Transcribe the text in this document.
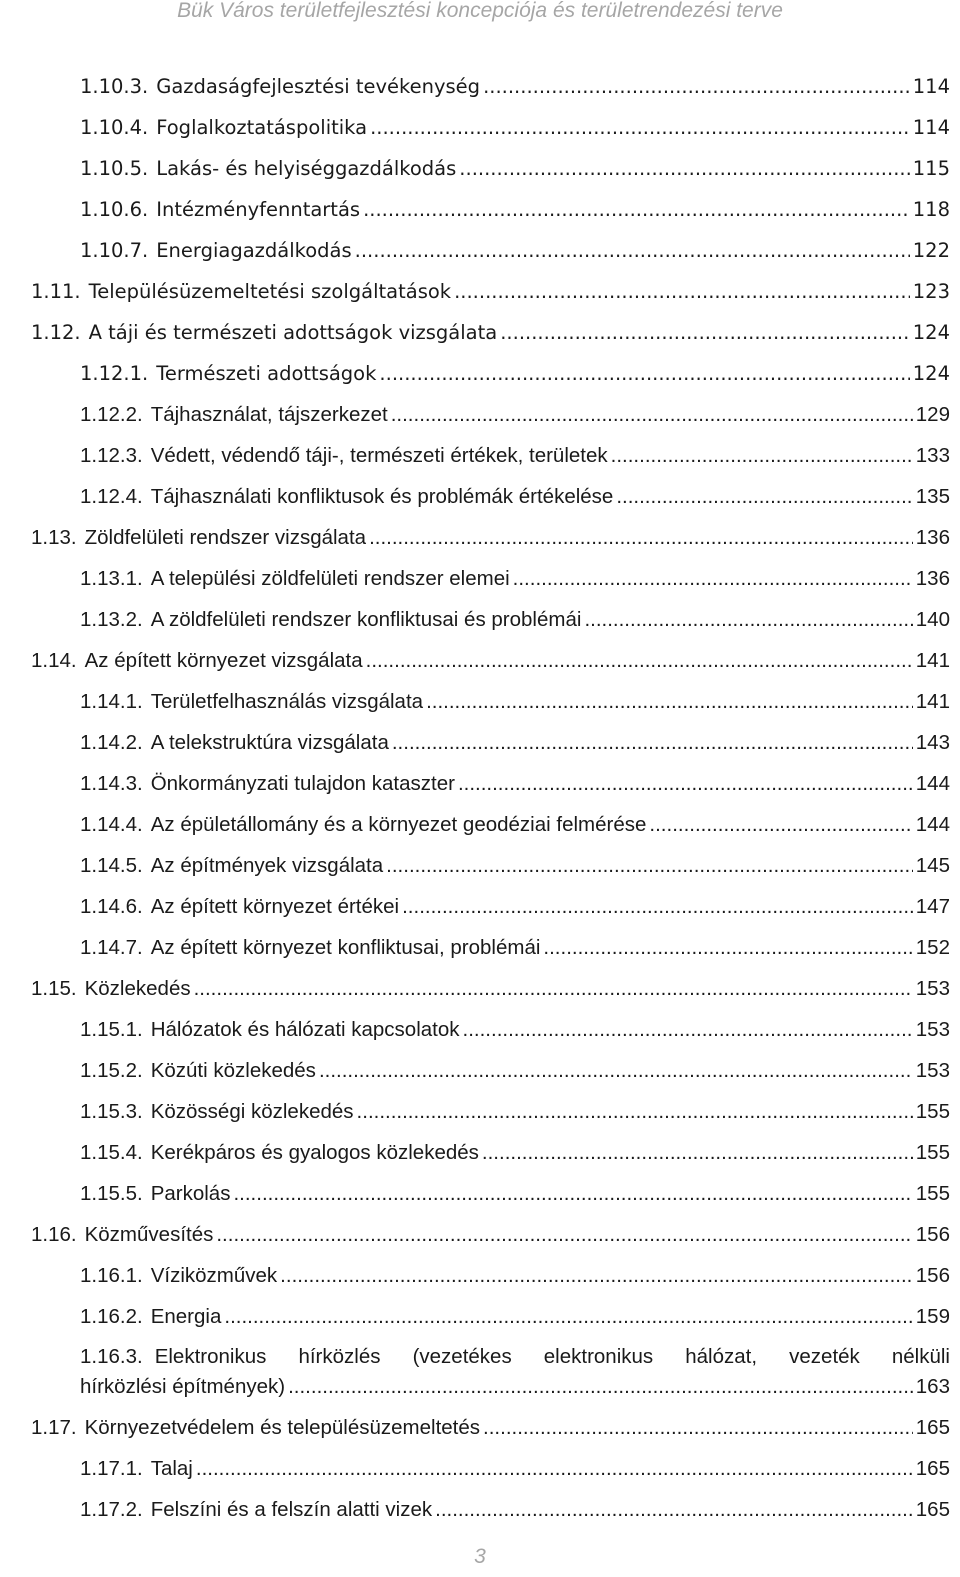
Bük Város területfejlesztési koncepciója és területrendezési terve
1.10.3. Gazdaságfejlesztési tevékenység .....	114
1.10.4. Foglalkoztatáspolitika .....	114
1.10.5. Lakás- és helyiséggazdálkodás .....	115
1.10.6. Intézményfenntartás .....	118
1.10.7. Energiagazdálkodás .....	122
1.11. Településüzemeltetési szolgáltatások .....	123
1.12. A táji és természeti adottságok vizsgálata .....	124
1.12.1. Természeti adottságok .....	124
1.12.2. Tájhasználat, tájszerkezet .....	129
1.12.3. Védett, védendő táji-, természeti értékek, területek .....	133
1.12.4. Tájhasználati konfliktusok és problémák értékelése .....	135
1.13. Zöldfelületi rendszer vizsgálata .....	136
1.13.1. A települési zöldfelületi rendszer elemei .....	136
1.13.2. A zöldfelületi rendszer konfliktusai és problémái .....	140
1.14. Az épített környezet vizsgálata .....	141
1.14.1. Területfelhasználás vizsgálata .....	141
1.14.2. A telekstruktúra vizsgálata .....	143
1.14.3. Önkormányzati tulajdon kataszter .....	144
1.14.4. Az épületállomány és a környezet geodéziai felmérése .....	144
1.14.5. Az építmények vizsgálata .....	145
1.14.6. Az épített környezet értékei .....	147
1.14.7. Az épített környezet konfliktusai, problémái .....	152
1.15. Közlekedés .....	153
1.15.1. Hálózatok és hálózati kapcsolatok .....	153
1.15.2. Közúti közlekedés .....	153
1.15.3. Közösségi közlekedés .....	155
1.15.4. Kerékpáros és gyalogos közlekedés .....	155
1.15.5. Parkolás .....	155
1.16. Közművesítés .....	156
1.16.1. Víziközművek .....	156
1.16.2. Energia .....	159
1.16.3. Elektronikus hírközlés (vezetékes elektronikus hálózat, vezeték nélküli
hírközlési építmények) .....	163
1.17. Környezetvédelem és településüzemeltetés .....	165
1.17.1. Talaj .....	165
1.17.2. Felszíni és a felszín alatti vizek .....	165
3
